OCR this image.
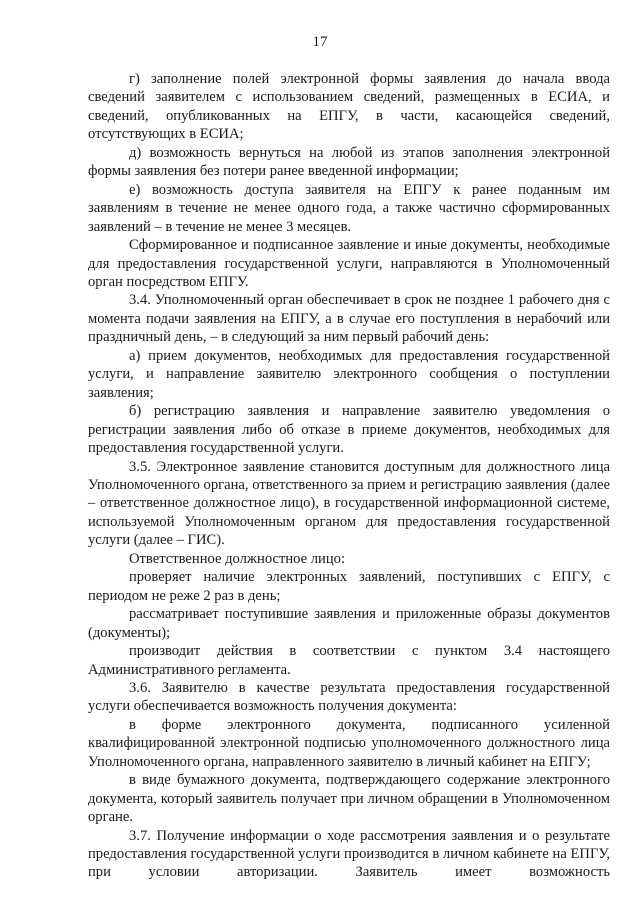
17

г) заполнение полей электронной формы заявления до начала ввода сведений заявителем с использованием сведений, размещенных в ЕСИА, и сведений, опубликованных на ЕПГУ, в части, касающейся сведений, отсутствующих в ЕСИА;

д) возможность вернуться на любой из этапов заполнения электронной формы заявления без потери ранее введенной информации;

е) возможность доступа заявителя на ЕПГУ к ранее поданным им заявлениям в течение не менее одного года, а также частично сформированных заявлений – в течение не менее 3 месяцев.

Сформированное и подписанное заявление и иные документы, необходимые для предоставления государственной услуги, направляются в Уполномоченный орган посредством ЕПГУ.

3.4. Уполномоченный орган обеспечивает в срок не позднее 1 рабочего дня с момента подачи заявления на ЕПГУ, а в случае его поступления в нерабочий или праздничный день, – в следующий за ним первый рабочий день:

а) прием документов, необходимых для предоставления государственной услуги, и направление заявителю электронного сообщения о поступлении заявления;

б) регистрацию заявления и направление заявителю уведомления о регистрации заявления либо об отказе в приеме документов, необходимых для предоставления государственной услуги.

3.5. Электронное заявление становится доступным для должностного лица Уполномоченного органа, ответственного за прием и регистрацию заявления (далее – ответственное должностное лицо), в государственной информационной системе, используемой Уполномоченным органом для предоставления государственной услуги (далее – ГИС).

Ответственное должностное лицо:

проверяет наличие электронных заявлений, поступивших с ЕПГУ, с периодом не реже 2 раз в день;

рассматривает поступившие заявления и приложенные образы документов (документы);

производит действия в соответствии с пунктом 3.4 настоящего Административного регламента.

3.6. Заявителю в качестве результата предоставления государственной услуги обеспечивается возможность получения документа:

в форме электронного документа, подписанного усиленной квалифицированной электронной подписью уполномоченного должностного лица Уполномоченного органа, направленного заявителю в личный кабинет на ЕПГУ;

в виде бумажного документа, подтверждающего содержание электронного документа, который заявитель получает при личном обращении в Уполномоченном органе.

3.7. Получение информации о ходе рассмотрения заявления и о результате предоставления государственной услуги производится в личном кабинете на ЕПГУ, при условии авторизации. Заявитель имеет возможность
